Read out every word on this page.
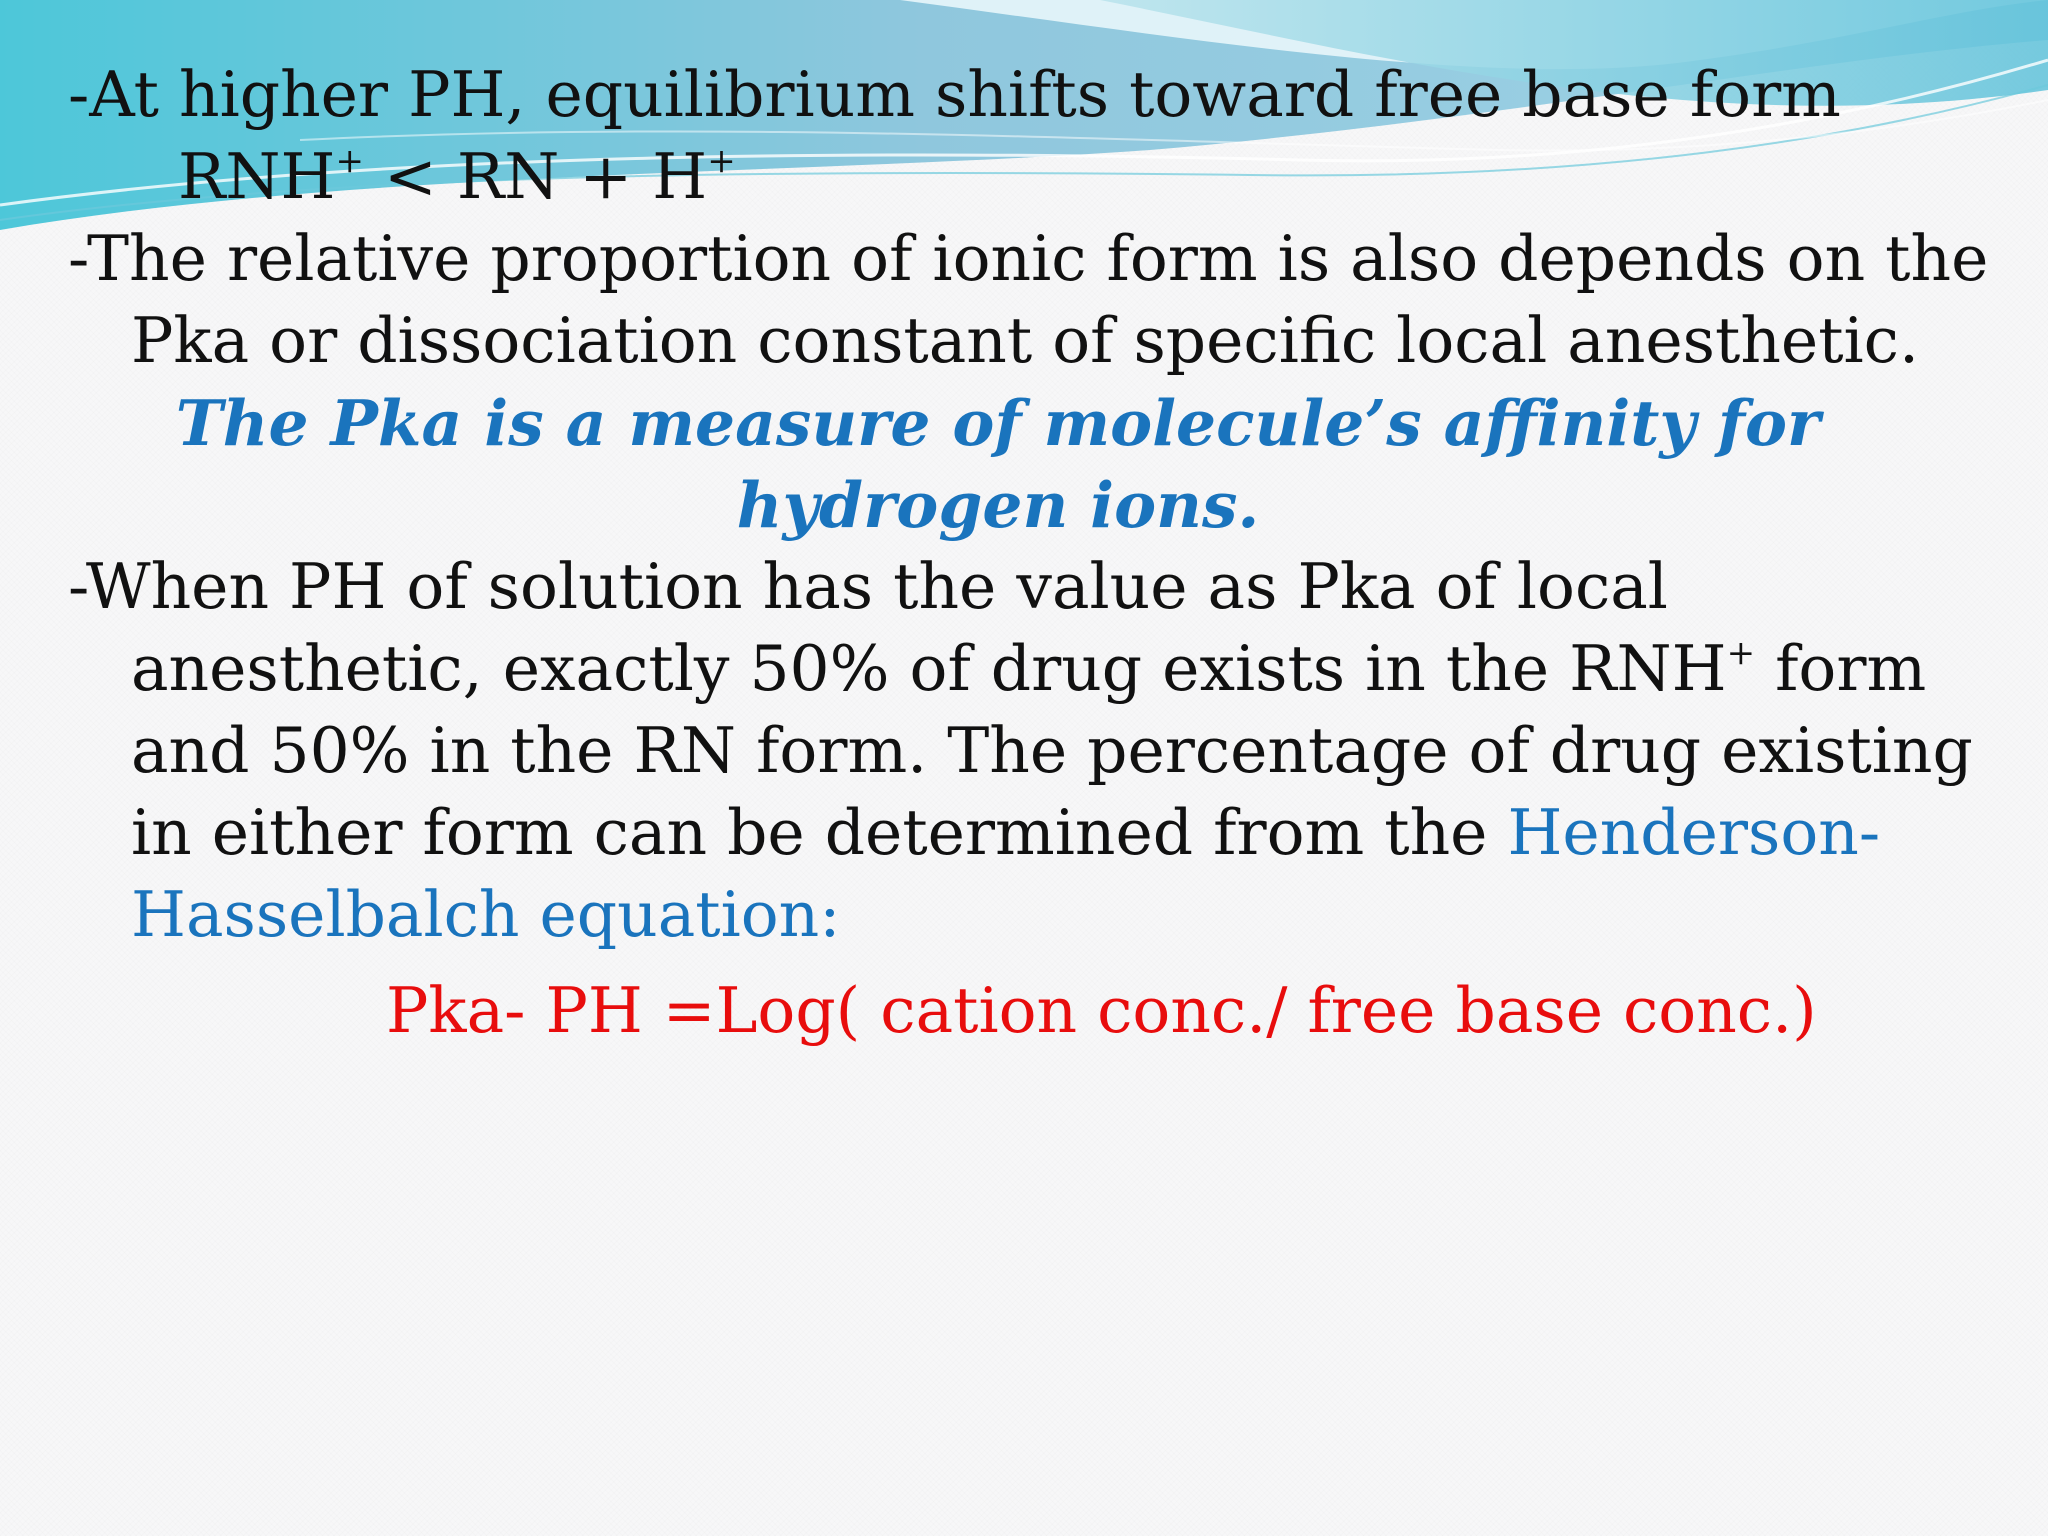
-At higher PH, equilibrium shifts toward free base form

RNH+ < RN + H+

-The relative proportion of ionic form is also depends on the Pka or dissociation constant of specific local anesthetic.

The Pka is a measure of molecule’s affinity for hydrogen ions.

-When PH of solution has the value as Pka of local anesthetic, exactly 50% of drug exists in the RNH+ form and 50% in the RN form. The percentage of drug existing in either form can be determined from the Henderson- Hasselbalch equation:

Pka- PH =Log( cation conc./ free base conc.)
